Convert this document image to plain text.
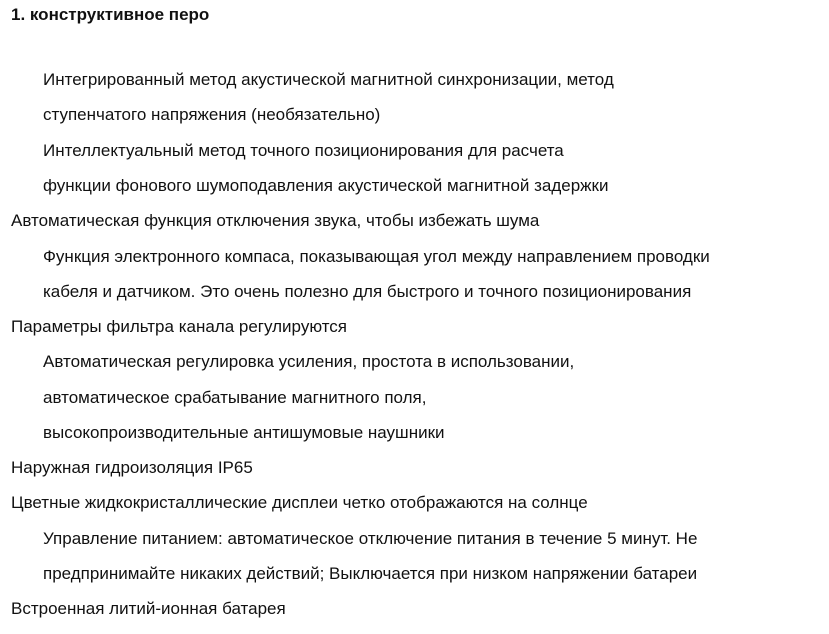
1. конструктивное перо
Интегрированный метод акустической магнитной синхронизации, метод
ступенчатого напряжения (необязательно)
Интеллектуальный метод точного позиционирования для расчета
функции фонового шумоподавления акустической магнитной задержки
Автоматическая функция отключения звука, чтобы избежать шума
Функция электронного компаса, показывающая угол между направлением проводки
кабеля и датчиком. Это очень полезно для быстрого и точного позиционирования
Параметры фильтра канала регулируются
Автоматическая регулировка усиления, простота в использовании,
автоматическое срабатывание магнитного поля,
высокопроизводительные антишумовые наушники
Наружная гидроизоляция IP65
Цветные жидкокристаллические дисплеи четко отображаются на солнце
Управление питанием: автоматическое отключение питания в течение 5 минут. Не
предпринимайте никаких действий; Выключается при низком напряжении батареи
Встроенная литий-ионная батарея
